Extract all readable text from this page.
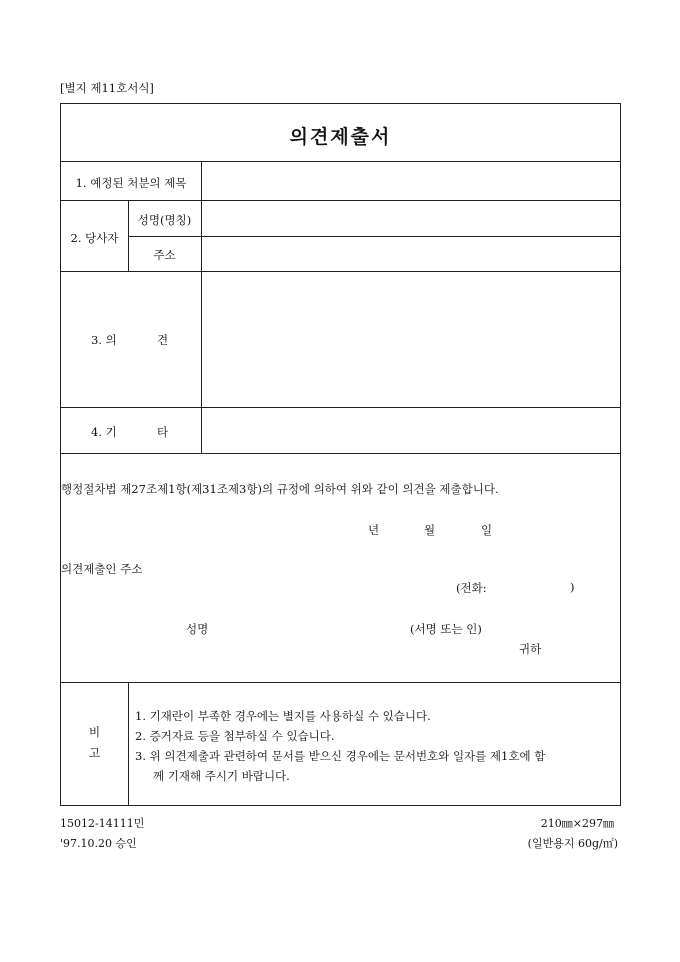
[별지 제11호서식]
의견제출서
1. 예정된 처분의 제목
2. 당사자
성명(명칭)
주소
3. 의	견
4. 기	타
행정절차법 제27조제1항(제31조제3항)의 규정에 의하여 위와 같이 의견을 제출합니다.
년	월	일
의견제출인 주소
(전화:	)
성명	(서명 또는 인)
귀하
비
고
1. 기재란이 부족한 경우에는 별지를 사용하실 수 있습니다.
2. 증거자료 등을 첨부하실 수 있습니다.
3. 위 의견제출과 관련하여 문서를 받으신 경우에는 문서번호와 일자를 제1호에 함
께 기재해 주시기 바랍니다.
15012-14111민
'97.10.20 승인
210㎜×297㎜
(일반용지 60g/㎡)
